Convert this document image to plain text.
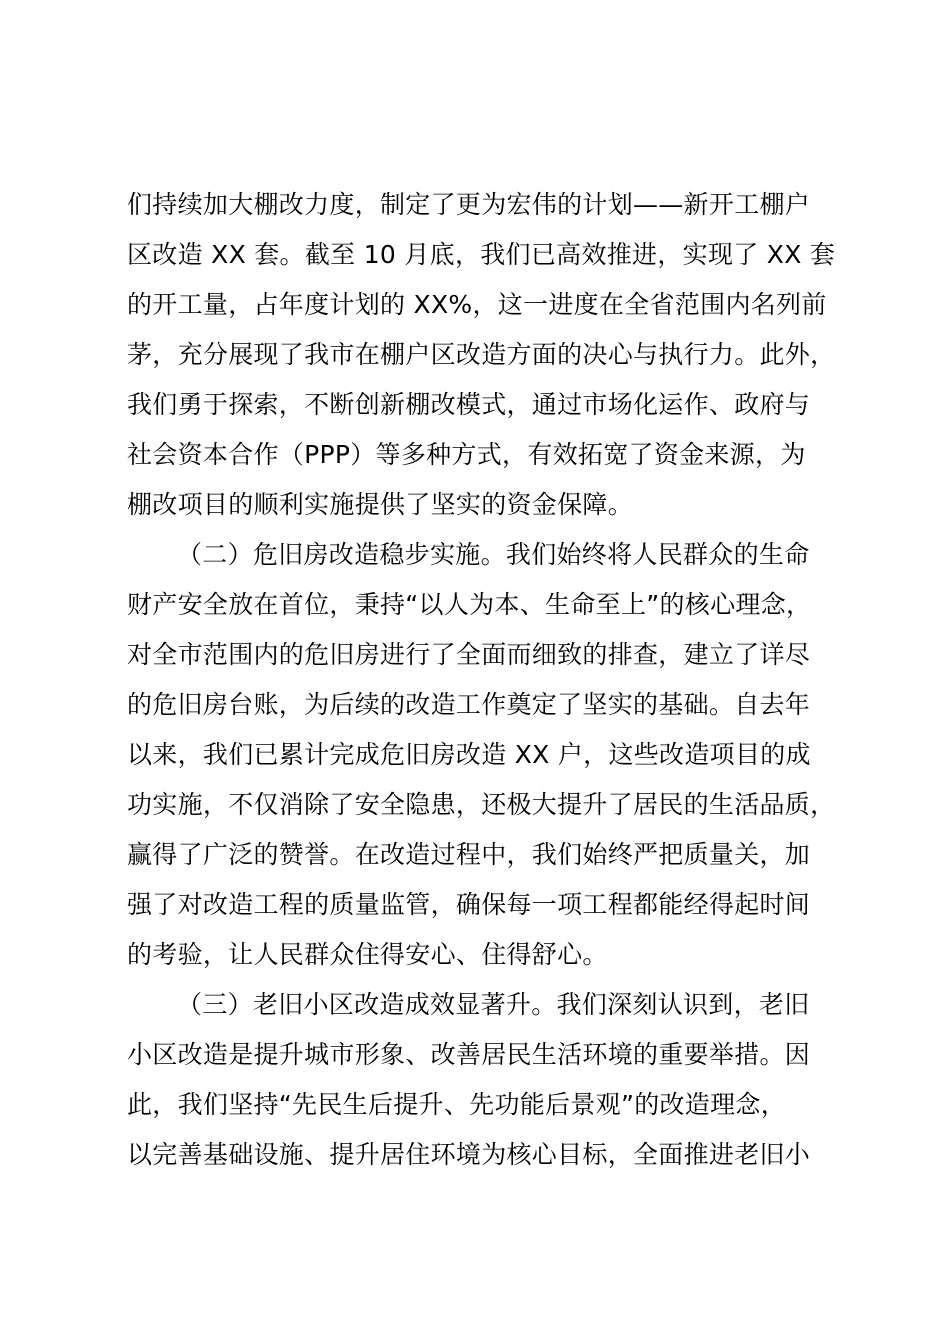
们持续加大棚改力度，制定了更为宏伟的计划——新开工棚户
区改造 XX 套。截至 10 月底，我们已高效推进，实现了 XX 套
的开工量，占年度计划的 XX%，这一进度在全省范围内名列前
茅，充分展现了我市在棚户区改造方面的决心与执行力。此外，
我们勇于探索，不断创新棚改模式，通过市场化运作、政府与
社会资本合作（PPP）等多种方式，有效拓宽了资金来源，为
棚改项目的顺利实施提供了坚实的资金保障。
（二）危旧房改造稳步实施。我们始终将人民群众的生命
财产安全放在首位，秉持“以人为本、生命至上”的核心理念，
对全市范围内的危旧房进行了全面而细致的排查，建立了详尽
的危旧房台账，为后续的改造工作奠定了坚实的基础。自去年
以来，我们已累计完成危旧房改造 XX 户，这些改造项目的成
功实施，不仅消除了安全隐患，还极大提升了居民的生活品质，
赢得了广泛的赞誉。在改造过程中，我们始终严把质量关，加
强了对改造工程的质量监管，确保每一项工程都能经得起时间
的考验，让人民群众住得安心、住得舒心。
（三）老旧小区改造成效显著升。我们深刻认识到，老旧
小区改造是提升城市形象、改善居民生活环境的重要举措。因
此，我们坚持“先民生后提升、先功能后景观”的改造理念，
以完善基础设施、提升居住环境为核心目标，全面推进老旧小
